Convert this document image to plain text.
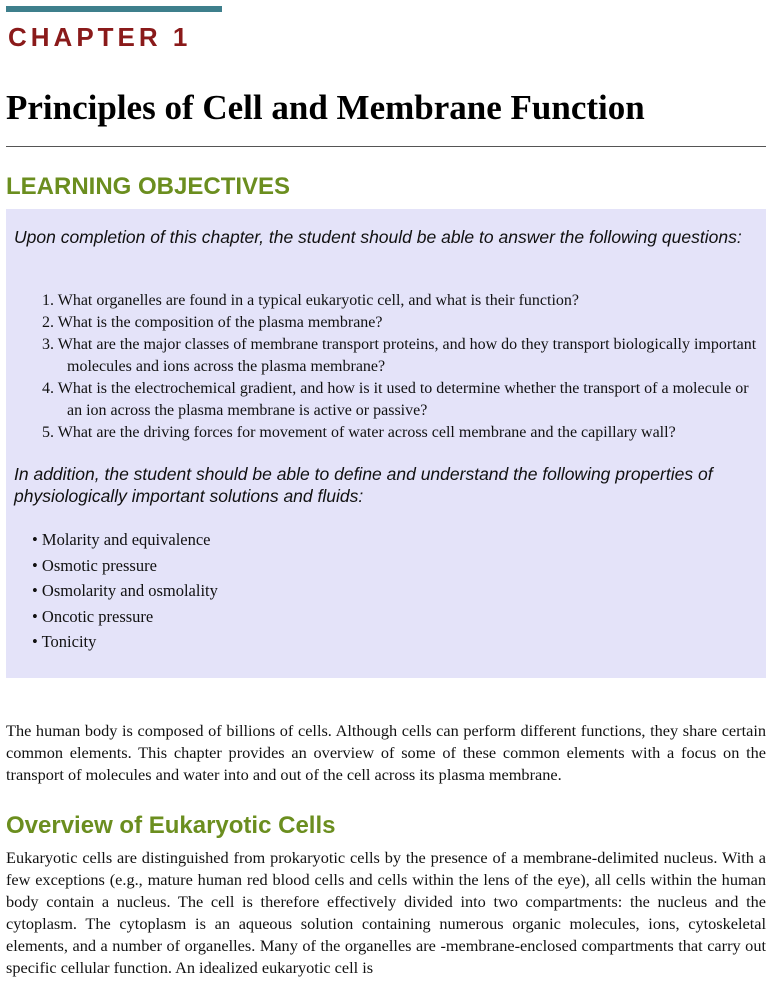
CHAPTER 1
Principles of Cell and Membrane Function
LEARNING OBJECTIVES

Upon completion of this chapter, the student should be able to answer the following questions:

1. What organelles are found in a typical eukaryotic cell, and what is their function?
2. What is the composition of the plasma membrane?
3. What are the major classes of membrane transport proteins, and how do they transport biologically important molecules and ions across the plasma membrane?
4. What is the electrochemical gradient, and how is it used to determine whether the transport of a molecule or an ion across the plasma membrane is active or passive?
5. What are the driving forces for movement of water across cell membrane and the capillary wall?

In addition, the student should be able to define and understand the following properties of physiologically important solutions and fluids:

• Molarity and equivalence
• Osmotic pressure
• Osmolarity and osmolality
• Oncotic pressure
• Tonicity

The human body is composed of billions of cells. Although cells can perform different functions, they share certain common elements. This chapter provides an overview of some of these common elements with a focus on the transport of molecules and water into and out of the cell across its plasma membrane.

Overview of Eukaryotic Cells

Eukaryotic cells are distinguished from prokaryotic cells by the presence of a membrane-delimited nucleus. With a few exceptions (e.g., mature human red blood cells and cells within the lens of the eye), all cells within the human body contain a nucleus. The cell is therefore effectively divided into two compartments: the nucleus and the cytoplasm. The cytoplasm is an aqueous solution containing numerous organic molecules, ions, cytoskeletal elements, and a number of organelles. Many of the organelles are -membrane-enclosed compartments that carry out specific cellular function. An idealized eukaryotic cell is
